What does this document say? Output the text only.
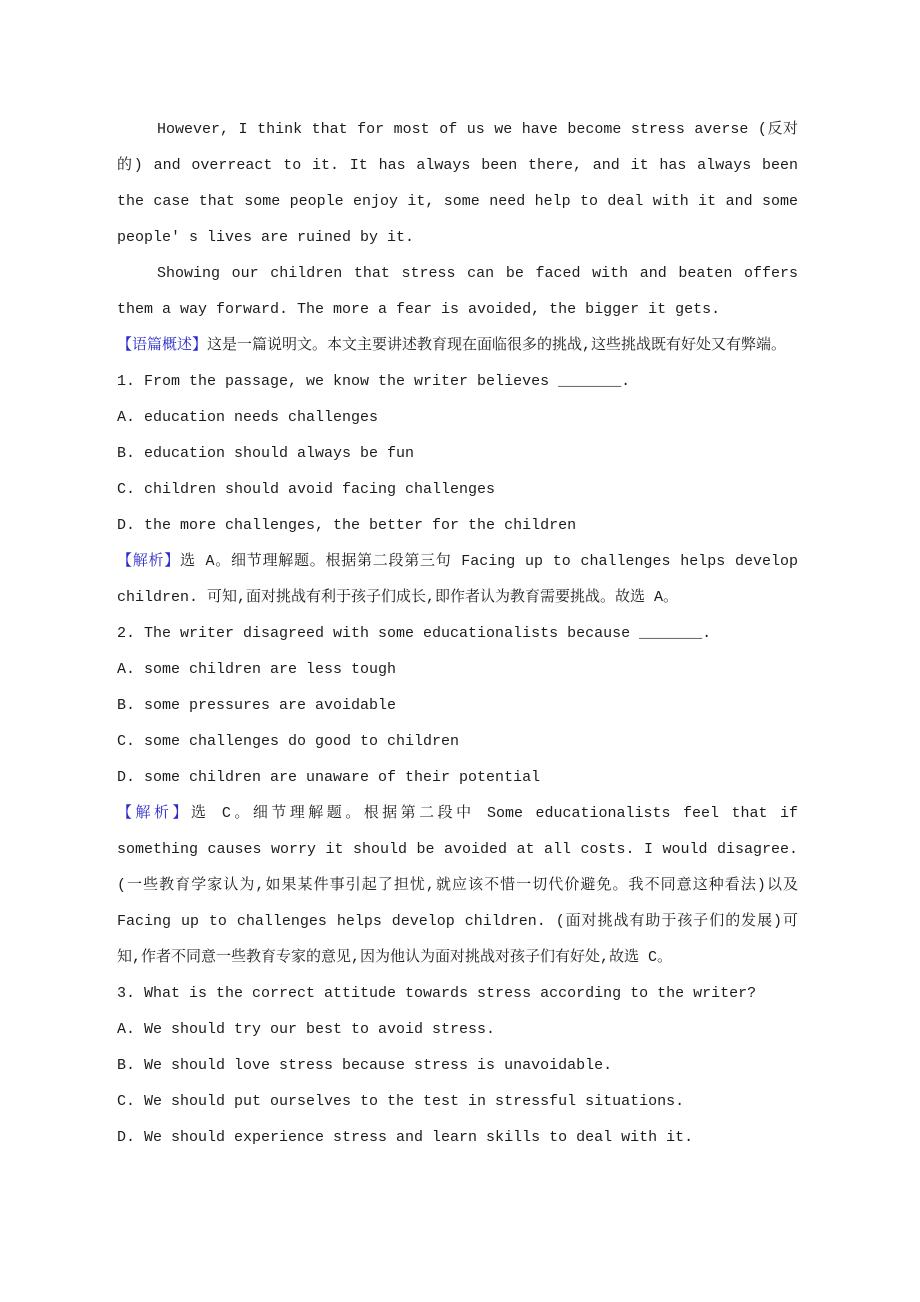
However, I think that for most of us we have become stress averse (反对的) and overreact to it. It has always been there, and it has always been the case that some people enjoy it, some need help to deal with it and some people' s lives are ruined by it.

Showing our children that stress can be faced with and beaten offers them a way forward. The more a fear is avoided, the bigger it gets.

【语篇概述】这是一篇说明文。本文主要讲述教育现在面临很多的挑战,这些挑战既有好处又有弊端。

1. From the passage, we know the writer believes _______.

A. education needs challenges

B. education should always be fun

C. children should avoid facing challenges

D. the more challenges, the better for the children

【解析】选 A。细节理解题。根据第二段第三句 Facing up to challenges helps develop children. 可知,面对挑战有利于孩子们成长,即作者认为教育需要挑战。故选 A。

2. The writer disagreed with some educationalists because _______.

A. some children are less tough

B. some pressures are avoidable

C. some challenges do good to children

D. some children are unaware of their potential

【解析】选 C。细节理解题。根据第二段中 Some educationalists feel that if something causes worry it should be avoided at all costs. I would disagree. (一些教育学家认为,如果某件事引起了担忧,就应该不惜一切代价避免。我不同意这种看法)以及 Facing up to challenges helps develop children. (面对挑战有助于孩子们的发展)可知,作者不同意一些教育专家的意见,因为他认为面对挑战对孩子们有好处,故选 C。

3. What is the correct attitude towards stress according to the writer?

A. We should try our best to avoid stress.

B. We should love stress because stress is unavoidable.

C. We should put ourselves to the test in stressful situations.

D. We should experience stress and learn skills to deal with it.
